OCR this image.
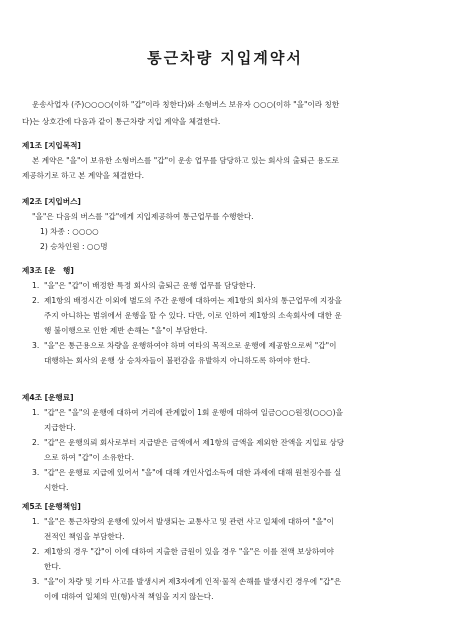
통근차량 지입계약서
운송사업자 (주)○○○○(이하 "갑"이라 칭한다)와 소형버스 보유자 ○○○(이하 "을"이라 칭한
다)는 상호간에 다음과 같이 통근차량 지입 계약을 체결한다.
제1조 [지입목적]

본 계약은 "을"이 보유한 소형버스를 "갑"이 운송 업무를 담당하고 있는 회사의 출퇴근 용도로

제공하기로 하고 본 계약을 체결한다.

제2조 [지입버스]

"을"은 다음의 버스를 "갑"에게 지입제공하여 통근업무를 수행한다.

1) 차종 : ○○○○
2) 승차인원 : ○○명
제3조 [운　행]
1. "을"은 "갑"이 배정한 특정 회사의 출퇴근 운행 업무를 담당한다.
2. 제1항의 배정시간 이외에 별도의 주간 운행에 대하여는 제1항의 회사의 통근업무에 지장을
주지 아니하는 범위에서 운행을 할 수 있다. 다만, 이로 인하여 제1항의 소속회사에 대한 운
행 불이행으로 인한 제반 손해는 "을"이 부담한다.
3. "을"은 통근용으로 차량을 운행하여야 하며 여타의 목적으로 운행에 제공함으로써 "갑"이
대행하는 회사의 운행 상 승차자들이 불편감을 유발하지 아니하도록 하여야 한다.
제4조 [운행료]
1. "갑"은 "을"의 운행에 대하여 거리에 관계없이 1회 운행에 대하여 일금○○○원정(○○○)을
지급한다.
2. "갑"은 운행의뢰 회사로부터 지급받은 금액에서 제1항의 금액을 제외한 잔액을 지입료 상당
으로 하여 "갑"이 소유한다.
3. "갑"은 운행료 지급에 있어서 "을"에 대해 개인사업소득에 대한 과세에 대해 원천징수를 실
시한다.
제5조 [운행책임]
1. "을"은 통근차량의 운행에 있어서 발생되는 교통사고 및 관련 사고 일체에 대하여 "을"이
전적인 책임을 부담한다.
2. 제1항의 경우 "갑"이 이에 대하여 지출한 금원이 있을 경우 "을"은 이를 전액 보상하여야
한다.
3. "을"이 차량 및 기타 사고를 발생시켜 제3자에게 인적·물적 손해를 발생시킨 경우에 "갑"은
이에 대하여 일체의 민(형)사적 책임을 지지 않는다.
